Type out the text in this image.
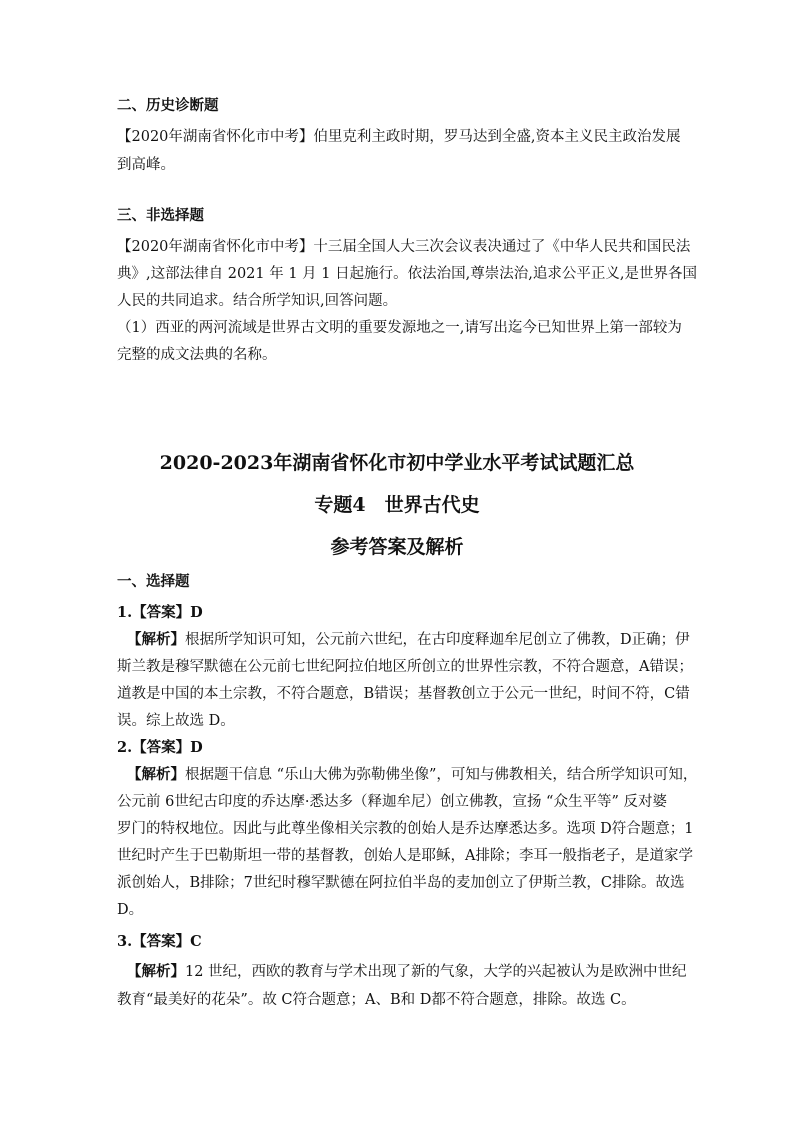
二、历史诊断题
【2020年湖南省怀化市中考】伯里克利主政时期，罗马达到全盛,资本主义民主政治发展
到高峰。
三、非选择题
【2020年湖南省怀化市中考】十三届全国人大三次会议表决通过了《中华人民共和国民法
典》,这部法律自 2021 年 1 月 1 日起施行。依法治国,尊崇法治,追求公平正义,是世界各国
人民的共同追求。结合所学知识,回答问题。
（1）西亚的两河流域是世界古文明的重要发源地之一,请写出迄今已知世界上第一部较为
完整的成文法典的名称。
2020-2023年湖南省怀化市初中学业水平考试试题汇总
专题4　世界古代史
参考答案及解析
一、选择题
1.【答案】D
【解析】根据所学知识可知，公元前六世纪，在古印度释迦牟尼创立了佛教，D正确；伊
斯兰教是穆罕默德在公元前七世纪阿拉伯地区所创立的世界性宗教，不符合题意，A错误；
道教是中国的本土宗教，不符合题意，B错误；基督教创立于公元一世纪，时间不符，C错
误。综上故选 D。
2.【答案】D
【解析】根据题干信息 “乐山大佛为弥勒佛坐像”，可知与佛教相关，结合所学知识可知，
公元前 6世纪古印度的乔达摩·悉达多（释迦牟尼）创立佛教，宣扬 “众生平等” 反对婆
罗门的特权地位。因此与此尊坐像相关宗教的创始人是乔达摩悉达多。选项 D符合题意；1
世纪时产生于巴勒斯坦一带的基督教，创始人是耶稣，A排除；李耳一般指老子，是道家学
派创始人，B排除；7世纪时穆罕默德在阿拉伯半岛的麦加创立了伊斯兰教，C排除。故选
D。
3.【答案】C
【解析】12 世纪，西欧的教育与学术出现了新的气象，大学的兴起被认为是欧洲中世纪
教育“最美好的花朵”。故 C符合题意；A、B和 D都不符合题意，排除。故选 C。
